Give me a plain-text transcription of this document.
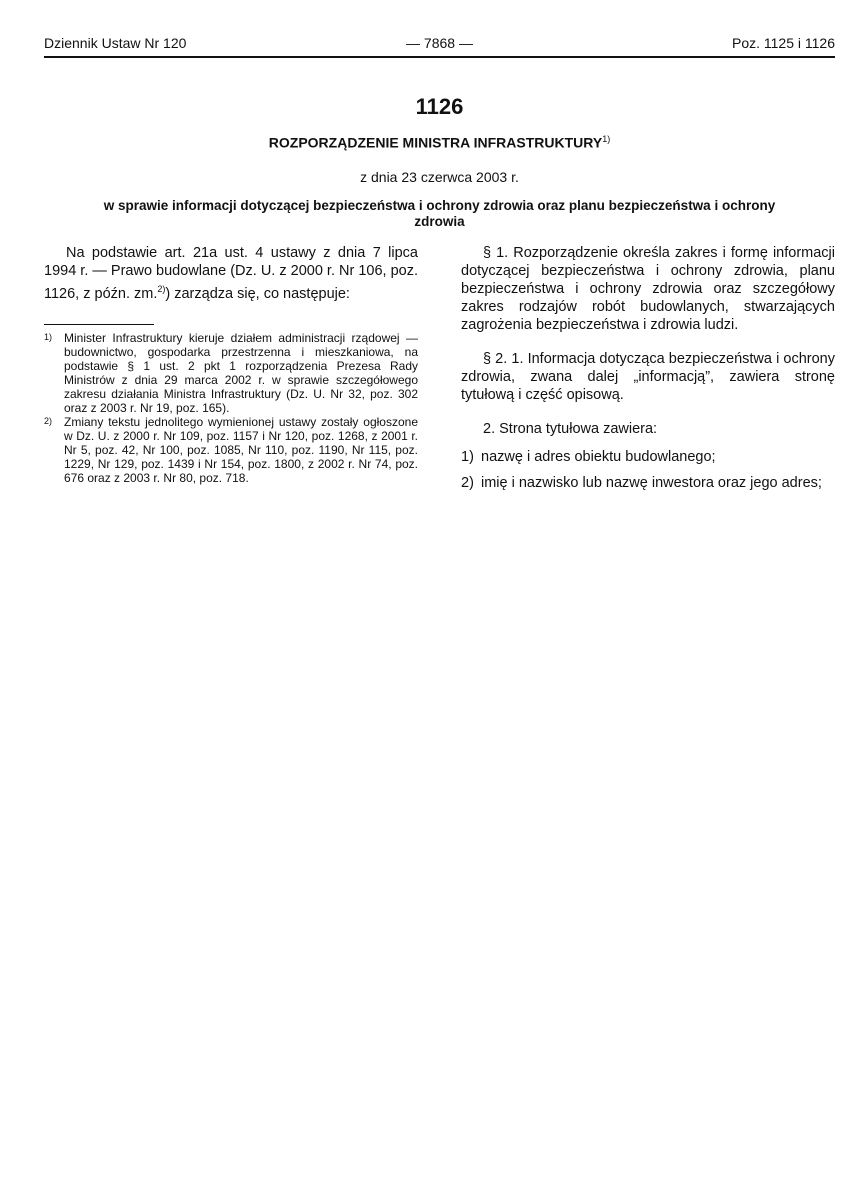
Dziennik Ustaw Nr 120	— 7868 —	Poz. 1125 i 1126
1126
ROZPORZĄDZENIE MINISTRA INFRASTRUKTURY$^{1)}$
z dnia 23 czerwca 2003 r.
w sprawie informacji dotyczącej bezpieczeństwa i ochrony zdrowia oraz planu bezpieczeństwa i ochrony zdrowia

Na podstawie art. 21a ust. 4 ustawy z dnia 7 lipca 1994 r. — Prawo budowlane (Dz. U. z 2000 r. Nr 106, poz. 1126, z późn. zm.$^{2)}$) zarządza się, co następuje:

1) Minister Infrastruktury kieruje działem administracji rządowej — budownictwo, gospodarka przestrzenna i mieszkaniowa, na podstawie § 1 ust. 2 pkt 1 rozporządzenia Prezesa Rady Ministrów z dnia 29 marca 2002 r. w sprawie szczegółowego zakresu działania Ministra Infrastruktury (Dz. U. Nr 32, poz. 302 oraz z 2003 r. Nr 19, poz. 165).
2) Zmiany tekstu jednolitego wymienionej ustawy zostały ogłoszone w Dz. U. z 2000 r. Nr 109, poz. 1157 i Nr 120, poz. 1268, z 2001 r. Nr 5, poz. 42, Nr 100, poz. 1085, Nr 110, poz. 1190, Nr 115, poz. 1229, Nr 129, poz. 1439 i Nr 154, poz. 1800, z 2002 r. Nr 74, poz. 676 oraz z 2003 r. Nr 80, poz. 718.

§ 1. Rozporządzenie określa zakres i formę informacji dotyczącej bezpieczeństwa i ochrony zdrowia, planu bezpieczeństwa i ochrony zdrowia oraz szczegółowy zakres rodzajów robót budowlanych, stwarzających zagrożenia bezpieczeństwa i zdrowia ludzi.

§ 2. 1. Informacja dotycząca bezpieczeństwa i ochrony zdrowia, zwana dalej „informacją”, zawiera stronę tytułową i część opisową.

2. Strona tytułowa zawiera:

1) nazwę i adres obiektu budowlanego;
2) imię i nazwisko lub nazwę inwestora oraz jego adres;
